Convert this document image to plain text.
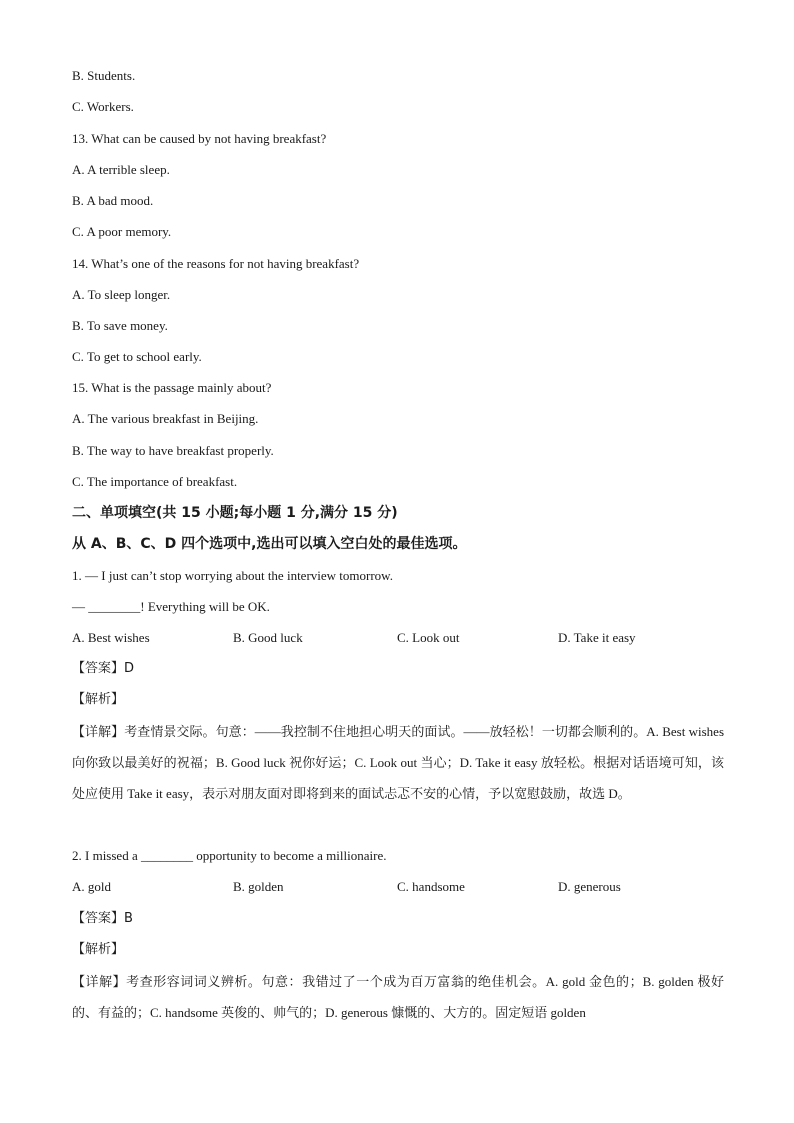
B. Students.
C. Workers.
13. What can be caused by not having breakfast?
A. A terrible sleep.
B. A bad mood.
C. A poor memory.
14. What’s one of the reasons for not having breakfast?
A. To sleep longer.
B. To save money.
C. To get to school early.
15. What is the passage mainly about?
A. The various breakfast in Beijing.
B. The way to have breakfast properly.
C. The importance of breakfast.
二、单项填空(共 15 小题;每小题 1 分,满分 15 分)
从 A、B、C、D 四个选项中,选出可以填入空白处的最佳选项。
1. — I just can’t stop worrying about the interview tomorrow.
— ________! Everything will be OK.
A. Best wishes	B. Good luck	C. Look out	D. Take it easy
【答案】D
【解析】
【详解】考查情景交际。句意：——我控制不住地担心明天的面试。——放轻松！一切都会顺利的。A. Best wishes 向你致以最美好的祝福；B. Good luck 祝你好运；C. Look out 当心；D. Take it easy 放轻松。根据对话语境可知，该处应使用 Take it easy，表示对朋友面对即将到来的面试忐忑不安的心情，予以宽慰鼓励，故选 D。
2. I missed a ________ opportunity to become a millionaire.
A. gold	B. golden	C. handsome	D. generous
【答案】B
【解析】
【详解】考查形容词词义辨析。句意：我错过了一个成为百万富翁的绝佳机会。A. gold 金色的；B. golden 极好的、有益的；C. handsome 英俊的、帅气的；D. generous 慷慨的、大方的。固定短语 golden
